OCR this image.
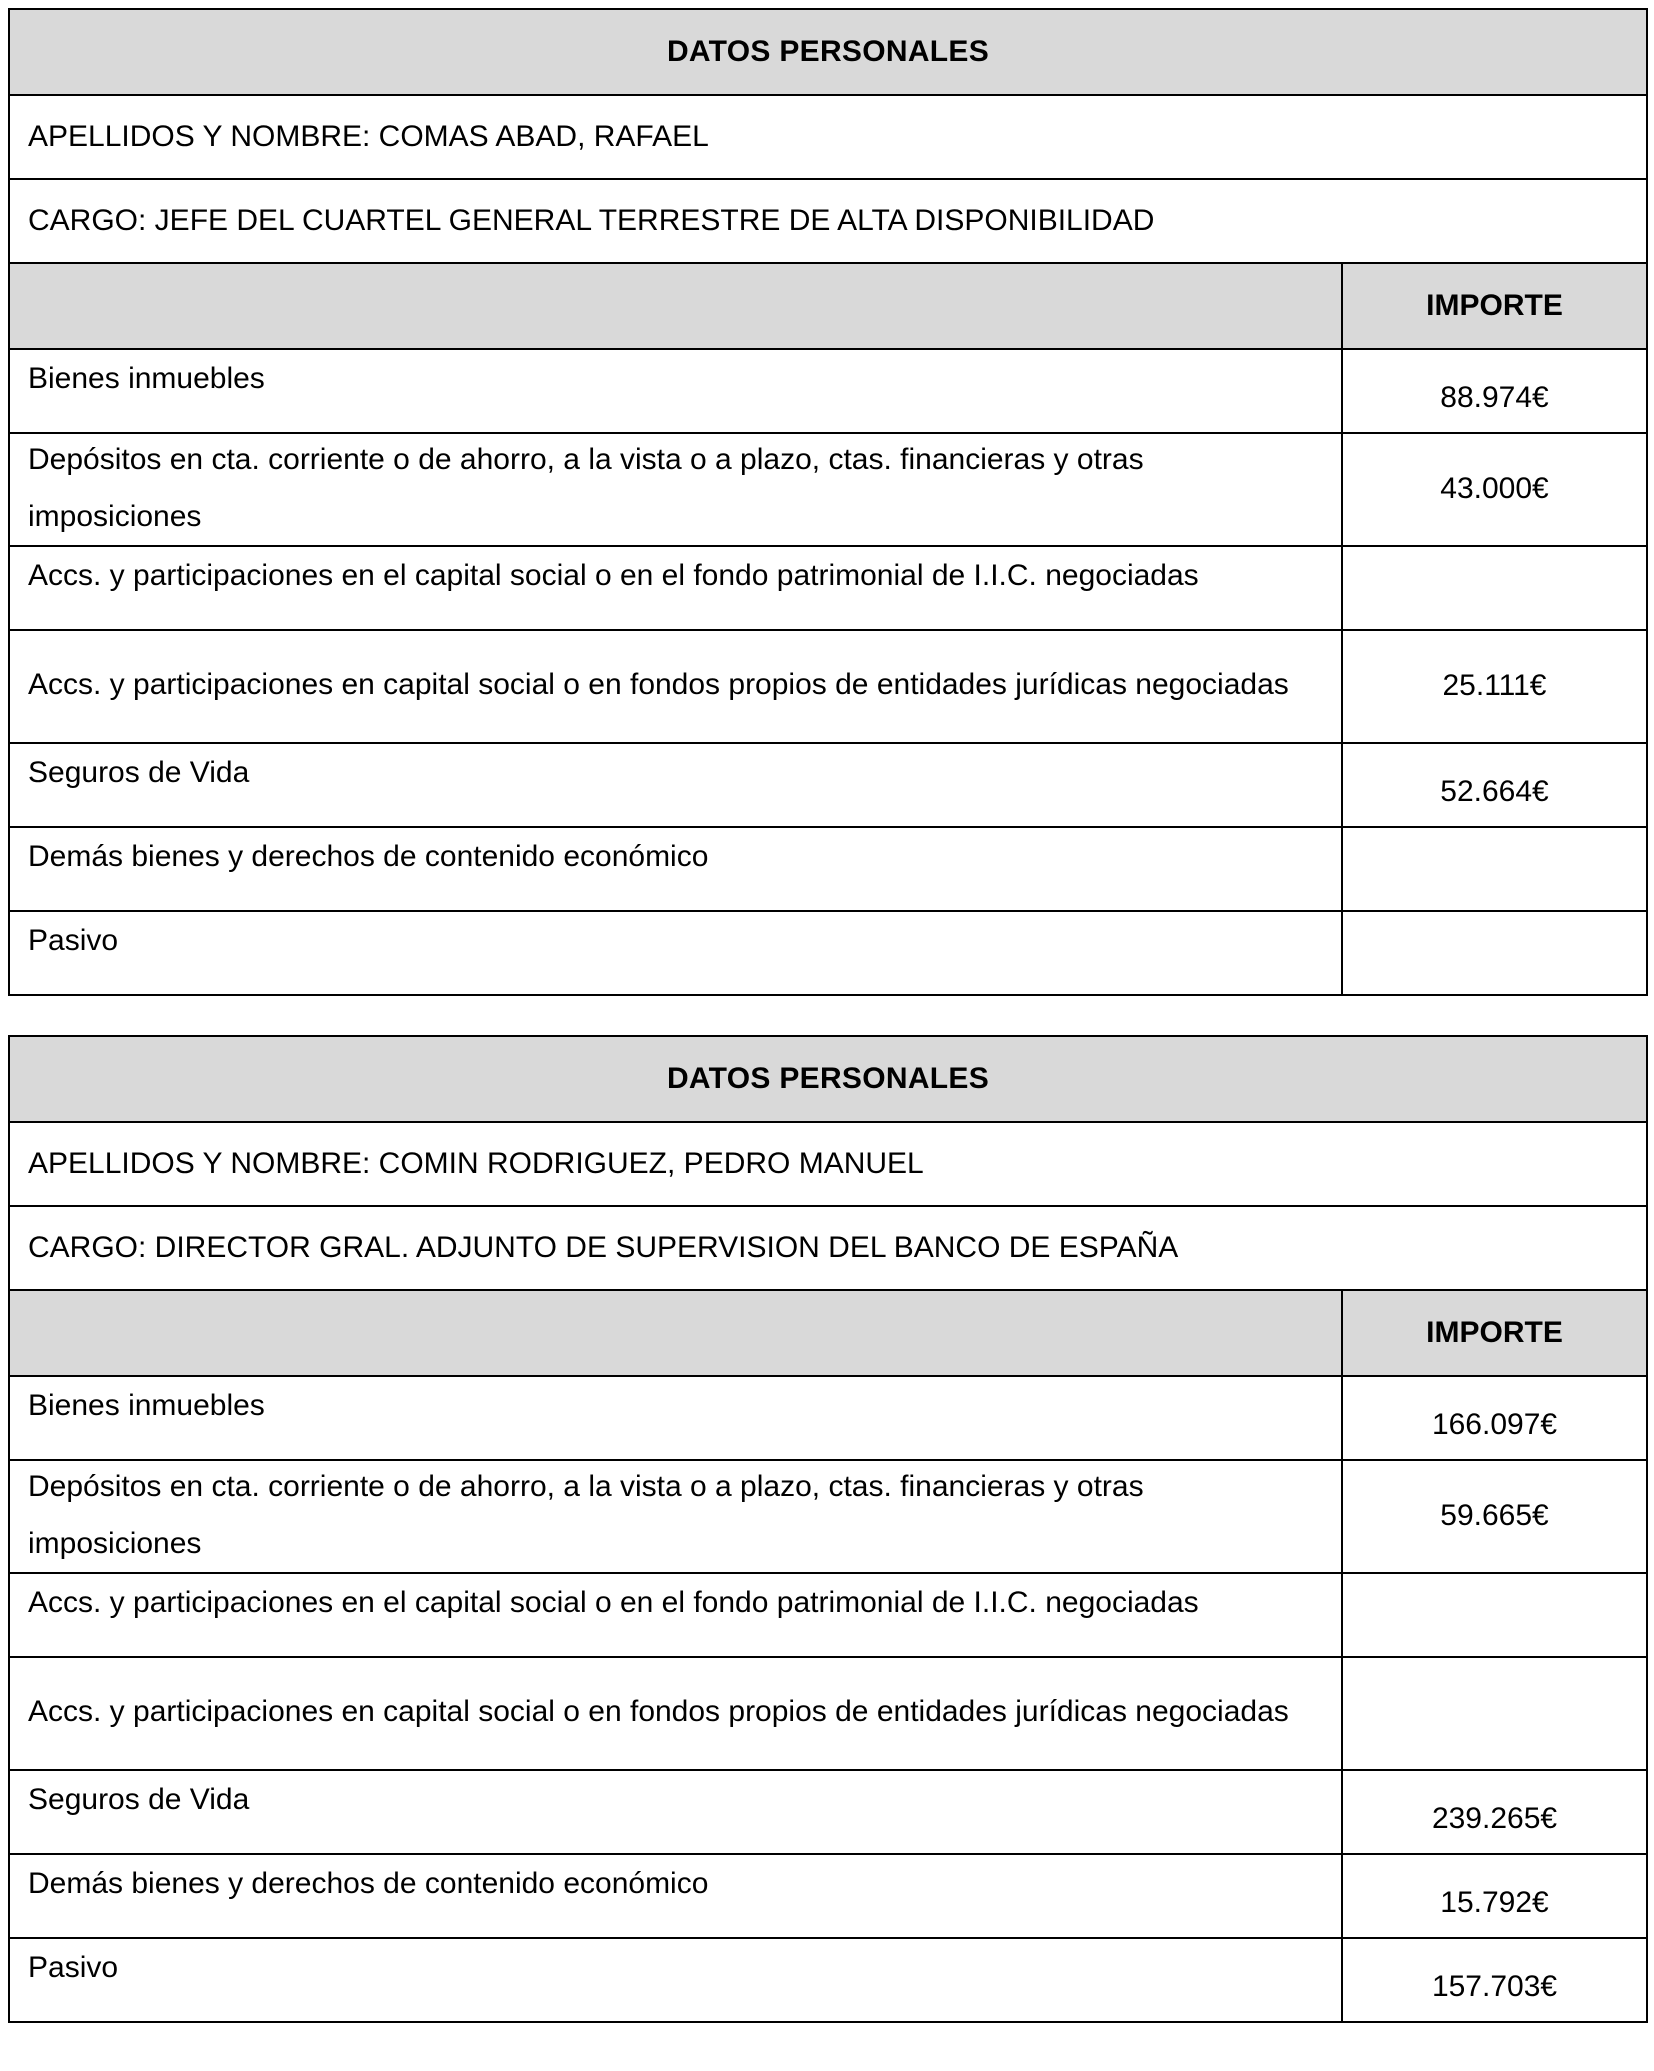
DATOS PERSONALES	
APELLIDOS Y NOMBRE: COMAS ABAD, RAFAEL	
CARGO: JEFE DEL CUARTEL GENERAL TERRESTRE DE ALTA DISPONIBILIDAD	
	IMPORTE

Bienes inmuebles	88.974€

Depósitos en cta. corriente o de ahorro, a la vista o a plazo, ctas. financieras y otras imposiciones	43.000€

Accs. y participaciones en el capital social o en el fondo patrimonial de I.I.C. negociadas	

Accs. y participaciones en capital social o en fondos propios de entidades jurídicas negociadas	25.111€

Seguros de Vida	52.664€

Demás bienes y derechos de contenido económico	

Pasivo	

DATOS PERSONALES	
APELLIDOS Y NOMBRE: COMIN RODRIGUEZ, PEDRO MANUEL	
CARGO: DIRECTOR GRAL. ADJUNTO DE SUPERVISION DEL BANCO DE ESPAÑA	
	IMPORTE

Bienes inmuebles	166.097€

Depósitos en cta. corriente o de ahorro, a la vista o a plazo, ctas. financieras y otras imposiciones	59.665€

Accs. y participaciones en el capital social o en el fondo patrimonial de I.I.C. negociadas	

Accs. y participaciones en capital social o en fondos propios de entidades jurídicas negociadas	

Seguros de Vida	239.265€

Demás bienes y derechos de contenido económico	15.792€

Pasivo	157.703€
